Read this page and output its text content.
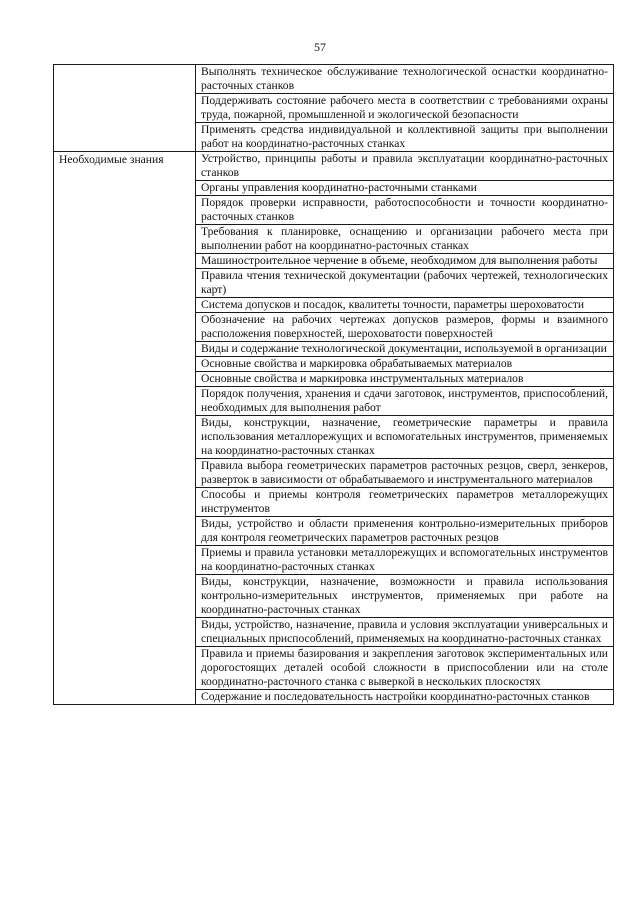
57

	Выполнять техническое обслуживание технологической оснастки координатно-расточных станков

	Поддерживать состояние рабочего места в соответствии с требованиями охраны труда, пожарной, промышленной и экологической безопасности

	Применять средства индивидуальной и коллективной защиты при выполнении работ на координатно-расточных станках

Необходимые знания	Устройство, принципы работы и правила эксплуатации координатно-расточных станков

	Органы управления координатно-расточными станками

	Порядок проверки исправности, работоспособности и точности координатно-расточных станков

	Требования к планировке, оснащению и организации рабочего места при выполнении работ на координатно-расточных станках

	Машиностроительное черчение в объеме, необходимом для выполнения работы

	Правила чтения технической документации (рабочих чертежей, технологических карт)

	Система допусков и посадок, квалитеты точности, параметры шероховатости

	Обозначение на рабочих чертежах допусков размеров, формы и взаимного расположения поверхностей, шероховатости поверхностей

	Виды и содержание технологической документации, используемой в организации

	Основные свойства и маркировка обрабатываемых материалов

	Основные свойства и маркировка инструментальных материалов

	Порядок получения, хранения и сдачи заготовок, инструментов, приспособлений, необходимых для выполнения работ

	Виды, конструкции, назначение, геометрические параметры и правила использования металлорежущих и вспомогательных инструментов, применяемых на координатно-расточных станках

	Правила выбора геометрических параметров расточных резцов, сверл, зенкеров, разверток в зависимости от обрабатываемого и инструментального материалов

	Способы и приемы контроля геометрических параметров металлорежущих инструментов

	Виды, устройство и области применения контрольно-измерительных приборов для контроля геометрических параметров расточных резцов

	Приемы и правила установки металлорежущих и вспомогательных инструментов на координатно-расточных станках

	Виды, конструкции, назначение, возможности и правила использования контрольно-измерительных инструментов, применяемых при работе на координатно-расточных станках

	Виды, устройство, назначение, правила и условия эксплуатации универсальных и специальных приспособлений, применяемых на координатно-расточных станках

	Правила и приемы базирования и закрепления заготовок экспериментальных или дорогостоящих деталей особой сложности в приспособлении или на столе координатно-расточного станка с выверкой в нескольких плоскостях

	Содержание и последовательность настройки координатно-расточных станков
